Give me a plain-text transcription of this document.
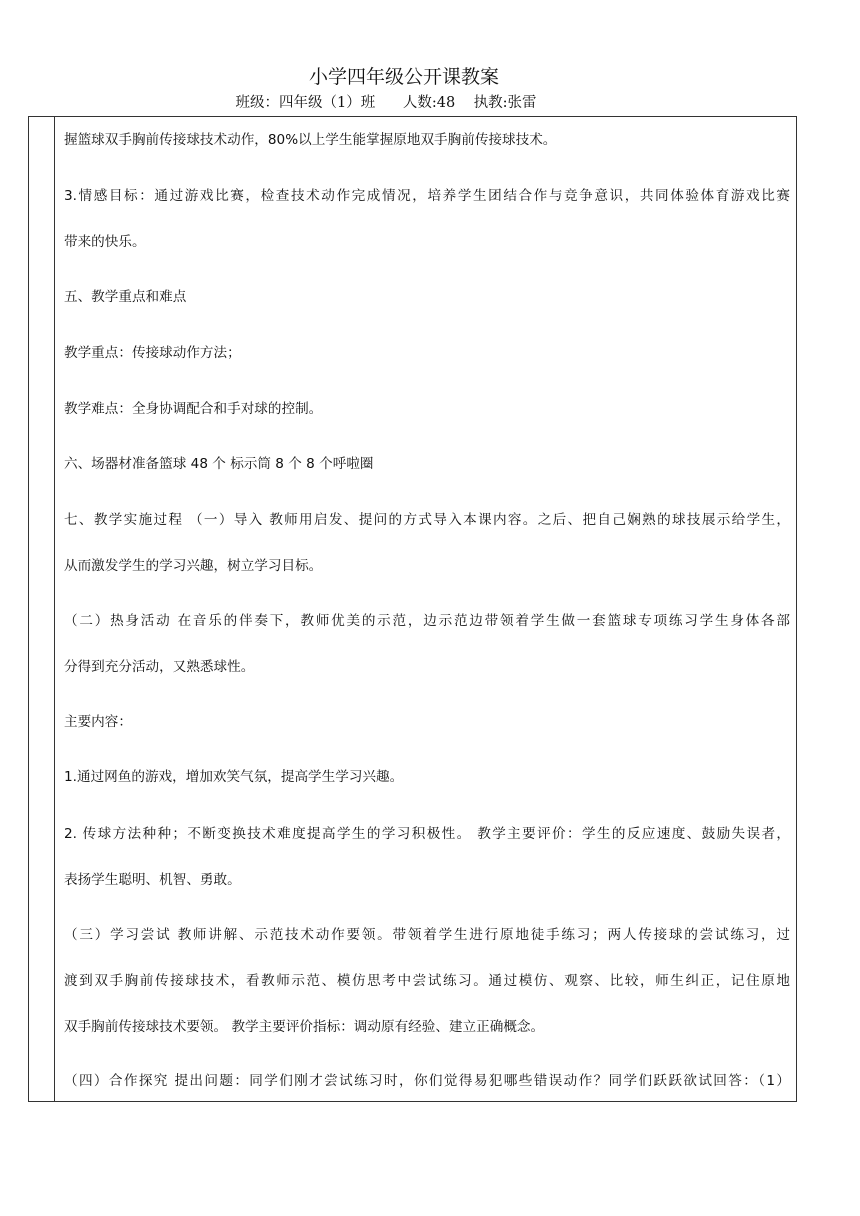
小学四年级公开课教案
班级：四年级（1）班      人数:48    执教:张雷
握篮球双手胸前传接球技术动作，80%以上学生能掌握原地双手胸前传接球技术。
3.情感目标：通过游戏比赛，检查技术动作完成情况，培养学生团结合作与竞争意识，共同体验体育游戏比赛
带来的快乐。
五、教学重点和难点
教学重点：传接球动作方法；
教学难点：全身协调配合和手对球的控制。
六、场器材准备篮球 48 个 标示筒 8 个 8 个呼啦圈
七、教学实施过程 （一）导入 教师用启发、提问的方式导入本课内容。之后、把自己娴熟的球技展示给学生，
从而激发学生的学习兴趣，树立学习目标。
（二）热身活动 在音乐的伴奏下，教师优美的示范，边示范边带领着学生做一套篮球专项练习学生身体各部
分得到充分活动，又熟悉球性。
主要内容：
1.通过网鱼的游戏，增加欢笑气氛，提高学生学习兴趣。
2. 传球方法种种；不断变换技术难度提高学生的学习积极性。 教学主要评价：学生的反应速度、鼓励失误者，
表扬学生聪明、机智、勇敢。
（三）学习尝试 教师讲解、示范技术动作要领。带领着学生进行原地徒手练习；两人传接球的尝试练习，过
渡到双手胸前传接球技术，看教师示范、模仿思考中尝试练习。通过模仿、观察、比较，师生纠正，记住原地
双手胸前传接球技术要领。 教学主要评价指标：调动原有经验、建立正确概念。
（四）合作探究 提出问题：同学们刚才尝试练习时，你们觉得易犯哪些错误动作？同学们跃跃欲试回答：（1）
